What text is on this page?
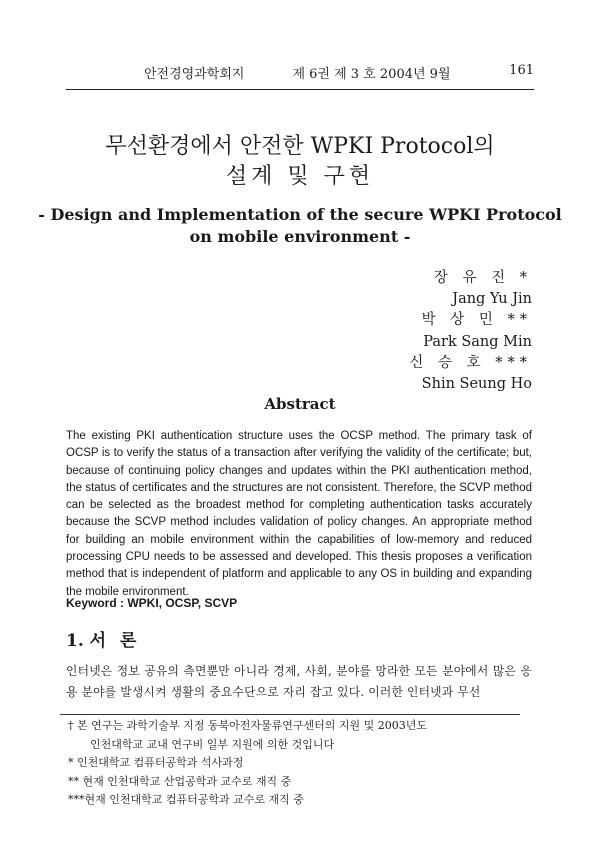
안전경영과학회지	제 6권 제 3 호 2004년 9월	161
무선환경에서 안전한 WPKI Protocol의
설계 및 구현
- Design and Implementation of the secure WPKI Protocol
on mobile environment -
장 유 진 *
Jang Yu Jin
박 상 민 **
Park Sang Min
신 승 호 ***
Shin Seung Ho
Abstract

The existing PKI authentication structure uses the OCSP method. The primary task of OCSP is to verify the status of a transaction after verifying the validity of the certificate; but, because of continuing policy changes and updates within the PKI authentication method, the status of certificates and the structures are not consistent. Therefore, the SCVP method can be selected as the broadest method for completing authentication tasks accurately because the SCVP method includes validation of policy changes. An appropriate method for building an mobile environment within the capabilities of low-memory and reduced processing CPU needs to be assessed and developed. This thesis proposes a verification method that is independent of platform and applicable to any OS in building and expanding the mobile environment.

Keyword : WPKI, OCSP, SCVP
1. 서 론

인터넷은 정보 공유의 측면뿐만 아니라 경제, 사회, 분야를 망라한 모든 분야에서 많은 응용 분야를 발생시켜 생활의 중요수단으로 자리 잡고 있다. 이러한 인터넷과 무선

† 본 연구는 과학기술부 지정 동북아전자물류연구센터의 지원 및 2003년도
인천대학교 교내 연구비 일부 지원에 의한 것입니다
* 인천대학교 컴퓨터공학과 석사과정
** 현재 인천대학교 산업공학과 교수로 재직 중
***현재 인천대학교 컴퓨터공학과 교수로 재직 중
